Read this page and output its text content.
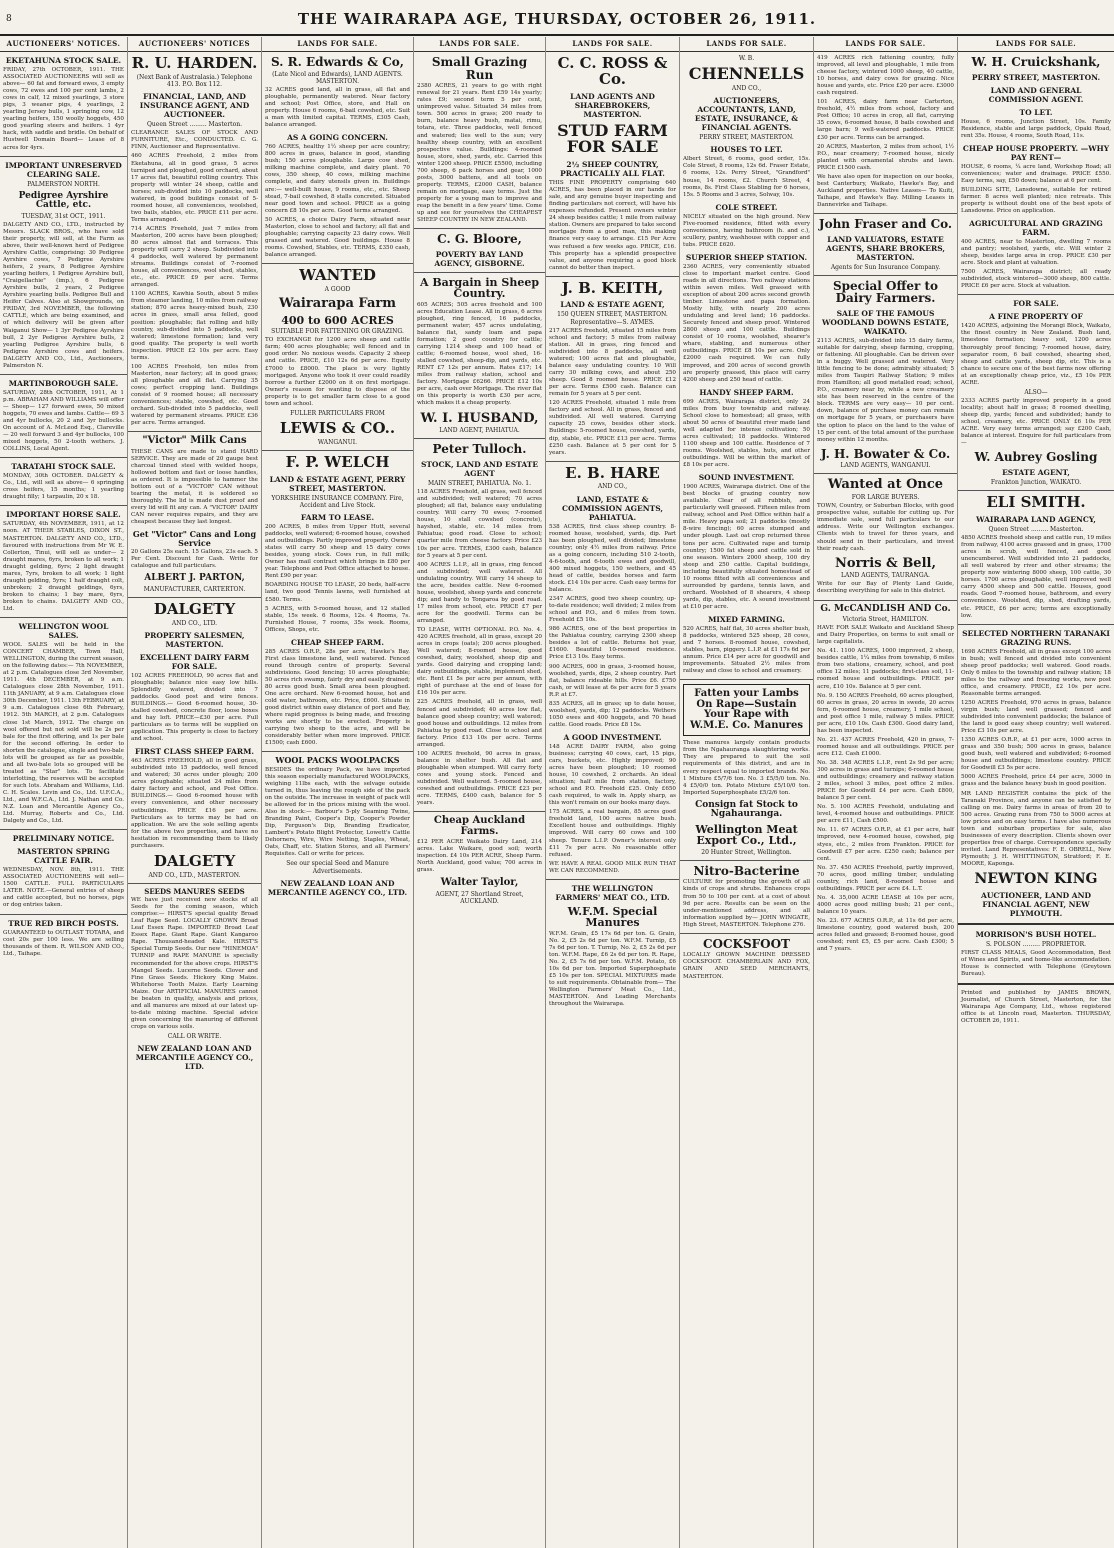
8	THE WAIRARAPA AGE, THURSDAY, OCTOBER 26, 1911.
AUCTIONEERS' NOTICES.
EKETAHUNA STOCK SALE.
FRIDAY, 27th OCTOBER, 1911. THE ASSOCIATED AUCTIONEERS will sell as above— 60 fat and forward ewes, 3 empty cows, 72 ewes and 100 per cent lambs, 2 cows in calf, 12 mixed yearlings, 3 store pigs, 3 weaner pigs, 4 yearlings, 2 yearling Jersey bulls, 1 springing cow, 12 yearling heifers, 150 woolly hoggets, 450 good yearling steers and heifers. 1 4yr hack, with saddle and bridle. On behalf of Hustwell Domain Board— Lease of 8 acres for 4yrs.
IMPORTANT UNRESERVED CLEARING SALE.
PALMERSTON NORTH.
Pedigree Ayrshire Cattle, etc.
TUESDAY, 31st OCT., 1911.
DALGETY AND CO., LTD., instructed by Messrs. SLACK BROS., who have sold their property, will sell, at the Farm as above, their well-known herd of Pedigree Ayrshire Cattle, comprising: 30 Pedigree Ayrshire cows, 7 Pedigree Ayrshire heifers, 2 years, 8 Pedigree Ayrshire yearling heifers, 1 Pedigree Ayrshire bull, "Craigellachie" (imp.), 6 Pedigree Ayrshire bulls, 2 years, 2 Pedigree Ayrshire yearling bulls. Pedigree Bull and Heifer Calves. Also at Showgrounds, on FRIDAY, 3rd NOVEMBER, the following CATTLE, which are being examined, and of which delivery will be given after Waiganui Show— 1 3yr Pedigree Ayrshire bull, 2 2yr Pedigree Ayrshire bulls, 2 yearling Pedigree Ayrshire bulls, 6 Pedigree Ayrshire cows and heifers. DALGETY AND CO., Ltd., Auctioneers, Palmerston N.
MARTINBOROUGH SALE.
SATURDAY, 28th OCTOBER, 1911, At 1 p.m. ABRAHAM AND WILLIAMS will offer— Sheep— 127 forward ewes, 50 mixed hoggets, 70 ewes and lambs. Cattle— 69 3 and 4yr bullocks, 20 2 and 3yr bullocks. On account of A. McLeod Esq., Clareville— 20 well forward 3 and 4yr bullocks, 100 mixed hoggets, 50 2-tooth wethers. J. COLLINS, Local Agent.
TARATAHI STOCK SALE.
MONDAY, 30th OCTOBER. DALGETY & Co., Ltd., will sell as above— 6 springing cross heifers, 15 months; 1 yearling draught filly; 1 tarpaulin, 20 x 18.
IMPORTANT HORSE SALE.
SATURDAY, 4th NOVEMBER, 1911, at 12 noon. AT THEIR STABLES, DIXON ST., MASTERTON. DALGETY AND CO., LTD., favoured with instructions from Mr W. E. Collerton, Tinui, will sell as under— 2 draught mares, 6yrs, broken to all work; 1 draught gelding, 6yrs; 2 light draught mares, 7yrs, broken to all work; 1 light draught gelding, 5yrs; 1 half draught colt, unbroken; 2 draught geldings, 6yrs, broken to chains; 1 bay mare, 6yrs, broken to chains. DALGETY AND CO., Ltd.
WELLINGTON WOOL SALES.
WOOL SALES will be held in the CONCERT CHAMBER, Town Hall, WELLINGTON, during the current season, on the following dates:— 7th NOVEMBER, at 2 p.m. Catalogues close 3rd November, 1911. 4th DECEMBER, at 9 a.m. Catalogues close 28th November, 1911. 11th JANUARY, at 9 a.m. Catalogues close 30th December, 1911. 13th FEBRUARY, at 9 a.m. Catalogues close 6th February, 1912. 5th MARCH, at 2 p.m. Catalogues close 1st March, 1912. The charge on wool offered but not sold will be 2s per bale for the first offering, and 1s per bale for the second offering. In order to shorten the catalogue, single and two-bale lots will be grouped as far as possible, and all two-bale lots so grouped will be treated as "Star" lots. To facilitate interlotting, the reserves will be accepted for such lots. Abraham and Williams, Ltd. C. H. Scales. Levin and Co., Ltd. U.F.C.A., Ltd., and W.F.C.A., Ltd. J. Nathan and Co. N.Z. Loan and Mercantile Agency Co., Ltd. Murray, Roberts and Co., Ltd. Dalgety and Co., Ltd.
PRELIMINARY NOTICE.
MASTERTON SPRING CATTLE FAIR.
WEDNESDAY, NOV. 8th, 1911. THE ASSOCIATED AUCTIONEERS will sell— 1500 CATTLE. FULL PARTICULARS LATER. NOTE.—General entries of sheep and cattle accepted, but no horses, pigs or dog entries taken.
TRUE RED BIRCH POSTS.
GUARANTEED to OUTLAST TOTARA, and cost 20s per 100 less. We are selling thousands of them. R. WILSON AND CO., Ltd., Taihape.
AUCTIONEERS' NOTICES
R. U. HARDEN.
(Next Bank of Australasia.) Telephone 413. P.O. Box 112.
FINANCIAL, LAND, AND INSURANCE AGENT, AND AUCTIONEER.
Queen Street ......... Masterton.
CLEARANCE SALES OF STOCK AND FURNITURE, Etc., CONDUCTED. C. G. FINN, Auctioneer and Representative.
460 ACRES Freehold, 2 miles from Eketahuna, all in good grass, 5 acres turniped and ploughed, good orchard, about 17 acres flat, beautiful rolling country. This property will winter 24 sheep, cattle and horses; sub-divided into 10 paddocks, well watered, in good buildings consist of 5-roomed house, all conveniences, woolshed, two bails, stables, etc. PRICE £11 per acre. Terms arranged.
714 ACRES Freehold, just 7 miles from Masterton, 200 acres have been ploughed; 80 acres almost flat and terraces. This property will carry 2 sheep. Subdivided into 4 paddocks, well watered by permanent streams. Buildings consist of 7-roomed house, all conveniences, wool shed, stables, etc., etc. PRICE £9 per acre. Terms arranged.
1100 ACRES, Kawhia South, about 5 miles from steamer landing, 10 miles from railway station; 870 acres heavy-mixed bush, 230 acres in grass, small area felled, good position: ploughable; flat rolling and hilly country, sub-divided into 5 paddocks, well watered; limestone formation; land very good quality. The property is well worth inspection. PRICE £2 10s per acre. Easy terms.
100 ACRES Freehold, ten miles from Masterton, near factory; all in good grass; all ploughable and all flat. Carrying 35 cows; perfect cropping land. Buildings consist of 9 roomed house; all necessary conveniences; stable, cowshed, etc. Good orchard. Sub-divided into 5 paddocks, well watered by permanent streams. PRICE £36 per acre. Terms arranged.
"Victor" Milk Cans
THESE CANS are made to stand HARD SERVICE. They are made of 20 gauge best charcoal tinned steel with welded hoops, hollowed bottom and fast or loose handles, as ordered. It is impossible to hammer the bottom out of a "VICTOR" CAN without tearing the metal, it is soldered so thoroughly. The lid is made dust proof and every lid will fit any can. A "VICTOR" DAIRY CAN never requires repairs, and they are cheapest because they last longest.
Get "Victor" Cans and Long Service
20 Gallons 25s each. 15 Gallons, 23s each. 5 Per Cent. Discount for Cash. Write for catalogue and full particulars.
ALBERT J. PARTON,
MANUFACTURER, CARTERTON.
DALGETY
AND CO., LTD.
PROPERTY SALESMEN, MASTERTON.
EXCELLENT DAIRY FARM FOR SALE.
102 ACRES FREEHOLD, 90 acres flat and ploughable; balance nice easy low hills. Splendidly watered, divided into 7 paddocks. Good post and wire fences. BUILDINGS.— Good 6-roomed house, 30-stalled cowshed, concrete floor, loose boxes and hay loft. PRICE—£30 per acre. Full particulars as to terms will be supplied on application. This property is close to factory and school.
FIRST CLASS SHEEP FARM.
463 ACRES FREEHOLD, all in good grass, subdivided into 15 paddocks, well fenced and watered; 30 acres under plough; 200 acres ploughable; situated 24 miles from dairy factory and school, and Post Office. BUILDINGS.— Good 6-roomed house with every convenience, and other necessary outbuildings. PRICE £16 per acre. Particulars as to terms may be had on application. We are the sole selling agents for the above two properties, and have no hesitation in recommending them to likely purchasers.
DALGETY
AND CO., LTD., MASTERTON.
SEEDS MANURES SEEDS
WE have just received new stocks of all Seeds for the coming season, which comprise:— HIRST'S special quality Broad Leaf Rape Seed. LOCALLY GROWN Broad Leaf Essex Rape. IMPORTED Broad Leaf Essex Rape. Giant Rape. Giant Kangaroo Rape. Thousand-headed Kale. HIRST'S Special Turnip Seeds. Our new "HINEMOA" TURNIP and RAPE MANURE is specially recommended for the above crops. HIRST'S Mangel Seeds. Lucerne Seeds. Clover and Fine Grass Seeds. Hickory King Maize. Whitehorse Tooth Maize. Early Learning Maize. Our ARTIFICIAL MANURES cannot be beaten in quality, analysis and prices, and all manures are mixed at our latest up-to-date mixing machine. Special advice given concerning the manuring of different crops on various soils.
CALL OR WRITE.
NEW ZEALAND LOAN AND MERCANTILE AGENCY CO., LTD.
LANDS FOR SALE.
S. R. Edwards & Co,
(Late Nicol and Edwards), LAND AGENTS. MASTERTON.
32 ACRES good land, all in grass, all flat and ploughable, permanently watered. Near factory and school; Post Office, store, and Hall on property. House 6 rooms, 6-bail cowshed, etc. Suit a man with limited capital. TERMS, £305 Cash, balance arranged.
AS A GOING CONCERN.
760 ACRES, healthy 1½ sheep per acre country; 800 acres in grass, balance in good, standing bush; 150 acres ploughable. Large cow shed, milking machine complete, and dairy plant. 70 cows, 350 sheep, 40 cows, milking machine complete, and dairy utensils given in. Buildings are:— well-built house, 9 rooms, etc., etc. Sheep stead, 7-bail cowshed, 8 stalls concreted. Situated near good town and school. PRICE as a going concern £8 10s per acre. Good terms arranged.
50 ACRES, a choice Dairy Farm, situated near Masterton, close to school and factory; all flat and ploughable; carrying capacity 23 dairy cows. Well grassed and watered. Good buildings. House 8 rooms. Cowshed, Stables, etc. TERMS, £350 cash, balance arranged.
WANTED
A GOOD
Wairarapa Farm
400 to 600 ACRES
SUITABLE FOR FATTENING OR GRAZING.
TO EXCHANGE for 1200 acre sheep and cattle farm; 400 acres ploughable; well fenced and in good order. No noxious weeds. Capacity 2 sheep and cattle. PRICE, £10 12s 6d per acre. Equity £7000 to £8000. The place is very lightly mortgaged. Anyone who took it over could readily borrow a further £2000 on it on first mortgage. Owner's reason for wanting to dispose of the property is to get smaller farm close to a good town and school.
FULLER PARTICULARS FROM
LEWIS & CO..
WANGANUI.
F. P. WELCH
LAND & ESTATE AGENT, PERRY STREET, MASTERTON.
YORKSHIRE INSURANCE COMPANY. Fire, Accident and Live Stock.
FARM TO LEASE.
200 ACRES, 8 miles from Upper Hutt, several paddocks, well watered; 6-roomed house, cowshed and outbuildings. Partly improved property. Owner states will carry 50 sheep and 15 dairy cows besides, young stock. Cows run, in full milk; Owner has mail contract which brings in £80 per year. Telephone and Post Office attached to house. Rent £90 per year.
BOARDING HOUSE TO LEASE, 20 beds, half-acre land, two good Tennis lawns, well furnished at £580. Terms.
5 ACRES, with 5-roomed house, and 12 stalled stable, 15s week. 6 Rooms, 12s. 4 Rooms, 7s. Furnished House, 7 rooms, 35s week. Rooms, Offices, Shops, etc.
CHEAP SHEEP FARM.
285 ACRES O.R.P., 28s per acre, Hawke's Bay. First class limestone land, well watered. Fenced round through centre of property. Several subdivisions. Good fencing; 10 acres ploughable; 50 acres rich swamp, fairly dry and easily drained; 80 acres good bush. Small area been ploughed. One acre orchard. New 6-roomed house, hot and cold water, bathroom, etc. Price, £600. Situate in good district within easy distance of port and Bay, where rapid progress is being made, and freezing works are shortly to be erected. Property is carrying two sheep to the acre, and will be considerably better when more improved. PRICE £1500; cash £600.
WOOL PACKS WOOLPACKS
BESIDES the ordinary Pack, we have imported this season especially manufactured WOOLPACKS, weighing 11lbs each, with the selvage outside turned in, thus leaving the rough side of the pack on the outside. The increase in weight of pack will be allowed for in the prices mixing with the wool. Also in stock:— Barbour's 5-ply Seaming Twine, Branding Paint, Cooper's Dip, Cooper's Powder Dip, Ferguson's Dip, Branding Eradicator, Lambert's Potato Blight Protector, Lowett's Cattle Dehorners, Wire, Wire Netting, Staples, Wheat, Oats, Chaff, etc. Station Stores, and all Farmers' Requisites. Call or write for prices.
See our special Seed and Manure Advertisements.
NEW ZEALAND LOAN AND MERCANTILE AGENCY CO., LTD.
LANDS FOR SALE.
Small Grazing Run
2380 ACRES, 21 years to go with right renewal for 21 years. Rent £59 14s yearly; rates £9; second term 5 per cent, unimproved value. Situated 34 miles from town. 500 acres in grass; 200 ready to burn, balance heavy bush, matai, rimu, totara, etc. Three paddocks, well fenced and watered; lies well to the sun; very healthy sheep country, with an excellent prospective value. Buildings: 4-roomed house, store, shed, yards, etc. Carried this winter 1200 sheep. PRICE £5500, including 700 sheep, 6 pack horses and gear, 1000 posts, 3000 battens, and all tools on property. TERMS, £2000 CASH, balance remain on mortgage, easy terms. Just the property for a young man to improve and reap the benefit in a few years' time. Come up and see for yourselves the CHEAPEST SHEEP COUNTRY IN NEW ZEALAND.
C. G. Bloore,
POVERTY BAY LAND AGENCY, GISBORNE.
A Bargain in Sheep Country.
605 ACRES; 505 acres freehold and 100 acres Education Lease. All in grass, 6 acres ploughed, ring fenced, 16 paddocks, permanent water; 457 acres undulating, balance flat, sandy loam and papa formation; 2 good country for cattle; carrying 1214 sheep and 100 head of cattle; 6-roomed house, wool shed, 16-stalled cowshed, sheep-dip, and yards, etc. RENT £7 12s per annum. Rates £17; 14 miles from railway station, school and factory. Mortgage £6266. PRICE £12 10s per acre, cash over Mortgage. The river flat on this property is worth £30 per acre, which makes it a cheap property.
W. I. HUSBAND,
LAND AGENT, PAHIATUA.
Peter Tulloch.
STOCK, LAND AND ESTATE AGENT
MAIN STREET, PAHIATUA. No. 1.
118 ACRES Freehold, all grass, well fenced and subdivided; well watered; 70 acres ploughed; all flat, balance easy undulating country. Will carry 70 ewes; 7-roomed house, 10 stall cowshed (concrete), hayshed, stable, etc. 14 miles from Pahiatua; good road. Close to school; quarter mile from cheese factory. Price £23 10s per acre. TERMS, £300 cash, balance for 5 years at 5 per cent.
400 ACRES L.I.P., all in grass, ring fenced and subdivided; well watered. All undulating country. Will carry 14 sheep to the acre, besides cattle. New 6-roomed house, woolshed, sheep yards and concrete dip; and handy to Tongaroa by good road. 17 miles from school, etc. PRICE £7 per acre for the goodwill. Terms can be arranged.
TO LEASE, WITH OPTIONAL P.O. No. 4. 420 ACRES freehold, all in grass, except 20 acres in crops (oats); 200 acres ploughed. Well watered; 8-roomed house, good cowshed, dairy, woolshed, sheep dip and yards. Good dairying and cropping land; dairy outbuildings, stable, implement shed, etc. Rent £1 5s per acre per annum, with right of purchase at the end of lease for £16 10s per acre.
225 ACRES freehold, all in grass, well fenced and subdivided; 40 acres low flat, balance good sheep country; well watered; good house and outbuildings. 12 miles from Pahiatua by good road. Close to school and factory. Price £13 10s per acre. Terms arranged.
100 ACRES freehold, 90 acres in grass, balance in shelter bush. All flat and ploughable when stumped. Will carry forty cows and young stock. Fenced and subdivided. Well watered. 5-roomed house, cowshed and outbuildings. PRICE £23 per acre. TERMS, £400 cash, balance for 5 years.
Cheap Auckland Farms.
£12 PER ACRE Waikato Dairy Land, 214 acres. Lake Waikare, good soil; worth inspection. £4 10s PER ACRE, Sheep Farm. North Auckland, good value; 700 acres in grass.
Walter Taylor,
AGENT, 27 Shortland Street, AUCKLAND.
LANDS FOR SALE.
C. C. ROSS & Co.
LAND AGENTS AND SHAREBROKERS, MASTERTON.
STUD FARM FOR SALE
2½ SHEEP COUNTRY, PRACTICALLY ALL FLAT.
THIS FINE PROPERTY comprising 640 ACRES, has been placed in our hands for sale, and any genuine buyer inspecting and finding particulars not correct, will have his expenses refunded. Present owners winter 24 sheep besides cattle; 1 mile from railway station. Owners are prepared to take second mortgage from a good man, this making finance very easy to arrange. £15 Per Acre was refused a few weeks ago. PRICE, £16. This property has a splendid prospective value, and anyone requiring a good block cannot do better than inspect.
J. B. KEITH,
LAND & ESTATE AGENT,
150 QUEEN STREET, MASTERTON. Representative—S. AYMES.
217 ACRES freehold, situated 15 miles from school and factory; 5 miles from railway station. All in grass, ring fenced and subdivided into 8 paddocks, all well watered; 100 acres flat and ploughable, balance easy undulating country. 10 Will carry 30 milking cows, and about 250 sheep. Good 8 roomed house. PRICE £12 per acre. Terms £500 cash. Balance can remain for 5 years at 5 per cent.
120 ACRES Freehold, situated 1 mile from factory and school. All in grass, fenced and subdivided. All well watered. Carrying capacity 25 cows, besides other stock. Buildings: 5-roomed house, cowshed, yards, dip, stable, etc. PRICE £13 per acre. Terms £250 cash. Balance at 5 per cent for 5 years.
E. B. HARE
AND CO.,
LAND, ESTATE & COMMISSION AGENTS, PAHIATUA.
538 ACRES, first class sheep country. 8-roomed house, woolshed, yards, dip. Part has been ploughed, well divided; limestone country; only 4½ miles from railway. Price as a going concern, including 510 2-tooth, 4-6-tooth, and 6-tooth ewes and goodwill, 400 mixed hoggets, 150 wethers, and 45 head of cattle, besides horses and farm stock. £14 10s per acre. Cash easy terms for balance.
2347 ACRES, good two sheep country, up-to-date residence; well divided; 2 miles from school and P.O., and 6 miles from town. Freehold £5 10s.
986 ACRES, one of the best properties in the Pahiatua country, carrying 2300 sheep besides a lot of cattle. Returns hot year, £1600. Beautiful 10-roomed residence. Price £13 10s. Easy terms.
900 ACRES, 600 in grass, 3-roomed house, woolshed, yards, dips, 2 sheep country. Part flat, balance rideable hills. Price £6. £750 cash, or will lease at 6s per acre for 5 years R.P. at £7.
835 ACRES, all in grass; up to date house, woolshed, yards, dip; 12 paddocks. Wethers 1050 ewes and 400 hoggets, and 70 head cattle. Good roads. Price £8 15s.
A GOOD INVESTMENT.
148 ACRE DAIRY FARM, also going business; carrying 40 cows, cart, 15 pigs, cars, buckets, etc. Highly improved; 90 acres have been ploughed; 10 roomed house, 10 cowshed, 2 orchards. An ideal situation; half mile from station, factory, school and P.O. Freehold £25. Only £650 cash required, to walk in. Apply sharp, as this won't remain on our books many days.
175 ACRES, a real bargain, 85 acres good freehold land, 100 acres native bush. Excellent house and outbuildings. Highly improved. Will carry 60 cows and 100 sheep. Tenure L.I.P. Owner's interest only £11 7s per acre. No reasonable offer refused.
WE HAVE A REAL GOOD MILK RUN THAT WE CAN RECOMMEND.
THE WELLINGTON FARMERS' MEAT CO., LTD.
W.F.M. Special Manures
W.F.M. Grain, £5 17s 6d per ton. G. Grain, No. 2, £5 2s 6d per ton. W.F.M. Turnip, £5 7s 6d per ton. T. Turnip, No. 2, £5 2s 6d per ton. W.F.M. Rape, £6 2s 6d per ton. R. Rape, No. 2, £5 7s 6d per ton. W.F.M. Potato, £6 10s 6d per ton. Imported Superphosphate £5 10s per ton. SPECIAL MIXTURES made to suit requirements. Obtainable from— The Wellington Farmers' Meat Co., Ltd., MASTERTON. And Leading Merchants throughout the Wairarapa.
LANDS FOR SALE.
W. B.
CHENNELLS
AND CO.,
AUCTIONEERS, ACCOUNTANTS, LAND, ESTATE, INSURANCE, & FINANCIAL AGENTS.
PERRY STREET, MASTERTON.
HOUSES TO LET.
Albert Street, 6 rooms, good order, 15s. Cole Street, 8 rooms, 12s 6d. Fraser Estate, 6 rooms, 12s. Perry Street, "Grandford" house, 14 rooms, £2. Church Street, 4 rooms, 8s. First Class Stabling for 6 horses, 15s. 5 Rooms and 3 acres, Solway, 10s.
COLE STREET.
NICELY situated on the high ground. New Five-roomed residence, fitted with every convenience, having bathroom (h. and c.), scullery, pantry, washhouse with copper and tubs. PRICE £620.
SUPERIOR SHEEP STATION.
2360 ACRES, very conveniently situated close to important market centre. Good roads in all directions. Two railway stations within seven miles. Well grassed with exception of about 200 acres second growth timber. Limestone and papa formation. Mostly hilly, with nearly 200 acres undulating and level land; 16 paddocks. Securely fenced and sheep proof. Wintered 2800 sheep and 100 cattle. Buildings consist of 10 rooms, woolshed, shearer's whare, stabling, and numerous other outbuildings. PRICE £8 10s per acre. Only £2000 cash required. We can fully improved, and 200 acres of second growth are properly grassed, this place will carry 4200 sheep and 250 head of cattle.
HANDY SHEEP FARM.
699 ACRES, Wairarapa district, only 24 miles from busy township and railway. School close to homestead; all grass, with about 50 acres of beautiful river made land well adapted for intense cultivation; 50 acres cultivated; 18 paddocks. Wintered 1100 sheep and 100 cattle. Residence of 7 rooms. Woolshed, stables, huts, and other outbuildings. Will be within the market of £8 10s per acre.
SOUND INVESTMENT.
1900 ACRES, Wairarapa district. One of the best blocks of grazing country now available. Clear of all rubbish, and particularly well grassed. Fifteen miles from railway, school and Post Office within half a mile. Heavy papa soil; 21 paddocks (mostly 8-wire fencing); 60 acres stumped and under plough. Last oat crop returned three tons per acre. Cultivated rape and turnip country; 1500 fat sheep and cattle sold in one season. Winters 2000 sheep, 100 dry steep and 250 cattle. Capital buildings, including beautifully situated homestead of 10 rooms fitted with all conveniences and surrounded by gardens, tennis lawn, and orchard. Woolshed of 8 shearers, 4 sheep yards, dip, stables, etc. A sound investment at £10 per acre.
MIXED FARMING.
520 ACRES, half flat, 30 acres shelter bush, 8 paddocks, wintered 525 sheep, 28 cows, and 7 horses. 8-roomed house, cowshed, stables, barn, piggery. L.I.P. at £1 17s 6d per annum. Price £14 per acre for goodwill and improvements. Situated 2½ miles from railway and close to school and creamery.
Fatten your Lambs On Rape—Sustain Your Rape with W.M.E. Co. Manures
These manures largely contain products from the Ngahauranga slaughtering works. They are prepared to suit the soil requirements of this district, and are in every respect equal to imported brands. No. 1 Mixture £5/7/6 ton. No. 3 £5/5/0 ton. No. 4 £5/0/0 ton. Potato Mixture £5/10/0 ton. Imported Superphosphate £5/2/6 ton.
Consign fat Stock to Ngahauranga.
Wellington Meat Export Co., Ltd.,
20 Hunter Street, Wellington.
Nitro-Bacterine
CULTURE for promoting the growth of all kinds of crops and shrubs. Enhances crops from 50 to 100 per cent. at a cost of about 9d per acre. Results can be seen on the under-mentioned address, and all information supplied by— JOHN WINGATE, High Street, MASTERTON. Telephone 276.
COCKSFOOT
LOCALLY GROWN MACHINE DRESSED COCKSFOOT. CHAMBERLAIN AND FOX, GRAIN AND SEED MERCHANTS, MASTERTON.
LANDS FOR SALE.
419 ACRES rich fattening country, fully improved, all level and ploughable, 1 mile from cheese factory, wintered 1000 sheep, 40 cattle, 10 horses, and dairy cows for grazing. Nice house and yards, etc. Price £20 per acre. £3000 cash required.
101 ACRES, dairy farm near Carterton, freehold, 4½ miles from school, factory and Post Office; 10 acres in crop, all flat, carrying 35 cows, 6-roomed house, 8 bails cowshed and large barn; 9 well-watered paddocks. PRICE £30 per acre. Terms can be arranged.
20 ACRES, Masterton, 2 miles from school, 1½ P.O., near creamery; 7-roomed house, nicely planted with ornamental shrubs and lawn. PRICE £1500 cash.
We have also open for inspection on our books, best Canterbury, Waikato, Hawke's Bay, and Auckland properties. Native Leases— To Kuiti, Taihape, and Hawke's Bay. Milling Leases in Dannevirke and Taihape.
John Fraser and Co.
LAND VALUATORS, ESTATE AGENTS, SHARE BROKERS, MASTERTON.
Agents for Sun Insurance Company.
Special Offer to Dairy Farmers.
SALE OF THE FAMOUS WOODLAND DOWNS ESTATE, WAIKATO.
2113 ACRES, sub-divided into 15 dairy farms, suitable for dairying, sheep farming, cropping, or fattening. All ploughable. Can be driven over in a buggy. Well grassed and watered. Very little fencing to be done; admirably situated; 5 miles from Taupiri Railway Station; 9 miles from Hamilton; all good metalled road; school, P.O., creamery near by, while a new creamery site has been reserved in the centre of the block. TERMS are very easy— 10 per cent. down, balance of purchase money can remain on mortgage for 5 years, or purchasers have the option to place on the land to the value of 15 per cent. of the total amount of the purchase money within 12 months.
J. H. Bowater & Co.
LAND AGENTS, WANGANUI.
Wanted at Once
FOR LARGE BUYERS.
TOWN, Country, or Suburban Blocks, with good prospective value, suitable for cutting up. For immediate sale, send full particulars to our address. Write our Wellington exchanges. Clients wish to travel for three years, and should send in their particulars, and invest their ready cash.
Norris & Bell,
LAND AGENTS, TAURANGA.
Write for our Bay of Plenty Land Guide, describing everything for sale in this district.
G. McCANDLISH AND Co.
Victoria Street, HAMILTON.
HAVE FOR SALE Waikato and Auckland Sheep and Dairy Properties, on terms to suit small or large capitalists.
No. 41. 1100 ACRES, 1000 improved, 2 sheep, besides cattle, 1¼ miles from township, 6 miles from two stations, creamery, school, and post office 12 miles; 11 paddocks; first-class soil, 11-roomed house and outbuildings. PRICE per acre, £10 10s. Balance at 5 per cent.
No. 9. 150 ACRES Freehold, 60 acres ploughed, 60 acres in grass, 20 acres in swede, 20 acres fern, 6-roomed house, creamery, 1 mile school, and post office 1 mile, railway 5 miles. PRICE per acre, £10 10s. Cash £300. Good dairy land, has been inspected.
No. 21. 437 ACRES Freehold, 420 in grass, 7-roomed house and all outbuildings. PRICE per acre £12. Cash £1000.
No. 38. 348 ACRES L.I.P., rent 2s 9d per acre; 300 acres in grass and turnips; 6-roomed house and outbuildings; creamery and railway station 2 miles, school 3 miles, post office 2 miles. PRICE for Goodwill £4 per acre. Cash £800, balance 5 per cent.
No. 5. 100 ACRES Freehold, undulating and level, 4-roomed house and outbuildings. PRICE per acre £11, Cash £500.
No. 11. 67 ACRES O.R.P., at £1 per acre, half improved, new 4-roomed house, cowshed, pig styes, etc., 2 miles from Frankton. PRICE for Goodwill £7 per acre. £250 cash; balance per cent.
No. 37. 450 ACRES Freehold, partly improved, 70 acres, good milling timber, undulating country, rich land, 8-roomed house and outbuildings. PRICE per acre £4. L.T.
No. 4. 35,000 ACRE LEASE at 10s per acre, 4000 acres good milling bush; 21 per cent., balance 10 years.
No. 23. 677 ACRES O.R.P., at 11s 6d per acre, limestone country, good watered bush, 200 acres felled and grassed; 8-roomed house, good cowshed; rent £5, £5 per acre. Cash £300; 5 and 7 years.
LANDS FOR SALE.
W. H. Cruickshank,
PERRY STREET, MASTERTON.
LAND AND GENERAL COMMISSION AGENT.
TO LET.
House, 6 rooms, Junction Street, 10s. Family Residence, stable and large paddock, Opaki Road, rent 35s. House, 4 rooms, South Road, 11s.
CHEAP HOUSE PROPERTY. —WHY PAY RENT—
HOUSE, 6 rooms, ¼ acre land, Workshop Road; all conveniences; water and drainage. PRICE £550. Easy terms, say, £50 down; balance at 6 per cent.
BUILDING SITE, Lansdowne, suitable for retired farmer. 8 acres well planted; nice retreats. This property is without doubt one of the best spots of Lansdowne. Price on application.
AGRICULTURAL AND GRAZING FARM.
400 ACRES, near to Masterton, dwelling 7 rooms and pantry; woolshed, yards, etc. Will winter 2 sheep, besides large area in crop. PRICE £30 per acre. Stock and plant at valuation.
7500 ACRES, Wairarapa district; all ready subdivided, stock wintered—3000 sheep, 800 cattle. PRICE £6 per acre. Stock at valuation.
FOR SALE.
A FINE PROPERTY OF
1420 ACRES, adjoining the Morangi Block, Waikato, the finest country in New Zealand. Bush land, limestone formation; heavy soil, 1200 acres thoroughly proof fencing; 7-roomed house, dairy, separator room, 6 bail cowshed, shearing shed, sheep and cattle yards, sheep dip, etc. This is a chance to secure one of the best farms now offering at an exceptionally cheap price, viz., £5 10s PER ACRE.
ALSO—
2333 ACRES partly improved property in a good locality; about half in grass; 8 roomed dwelling, sheep dip, yards; fenced and subdivided; handy to school, creamery, etc. PRICE ONLY £6 10s PER ACRE. Very easy terms arranged; say £200 Cash, balance at interest. Enquire for full particulars from—
W. Aubrey Gosling
ESTATE AGENT,
Frankton Junction, WAIKATO.
ELI SMITH.
WAIRARAPA LAND AGENCY,
Queen Street ......... Masterton.
4850 ACRES freehold sheep and cattle run, 19 miles from railway, 4100 acres grassed and in grass, 1700 acres in scrub, well fenced, and good unencumbered. Well subdivided into 21 paddocks, all well watered by river and other streams; the property now wintering 8000 sheep, 100 cattle, 30 horses. 1700 acres ploughable, well improved well carry 4500 sheep and 500 cattle. Houses, good roads. Good 7-roomed house, bathroom, and every convenience. Woolshed, dip, shed, drafting yards, etc. PRICE, £6 per acre; terms are exceptionally low.
SELECTED NORTHERN TARANAKI GRAZING RUNS.
1698 ACRES Freehold, all in grass except 100 acres in bush; well fenced and divided into convenient sheep proof paddocks; well watered. Good roads. Only 6 miles to the township and railway station; 18 miles to the railway and freezing works, new post office, and creamery. PRICE, £2 10s per acre. Reasonable terms arranged.
1250 ACRES Freehold, 970 acres in grass, balance virgin bush; land well grassed; fenced and subdivided into convenient paddocks; the balance of the land is good easy sheep country; well watered. Price £3 10s per acre.
1350 ACRES O.R.P., at £1 per acre, 1000 acres in grass and 350 bush; 500 acres in grass, balance good bush, well watered and subdivided; 6-roomed house and outbuildings; limestone country. PRICE for Goodwill £3 5s per acre.
5000 ACRES Freehold, price £4 per acre, 3000 in grass and the balance heavy bush in good position.
MR LAND REGISTER contains the pick of the Taranaki Province, and anyone can be satisfied by calling on me. Dairy farms in areas of from 20 to 500 acres. Grazing runs from 750 to 5000 acres at low prices and on easy terms. I have also numerous town and suburban properties for sale, also businesses of every description. Clients shown over properties free of charge. Correspondence specially invited. Land Representatives: F. E. OBRELL, New Plymouth; J. H. WHITTINGTON, Stratford; F. E. MOORE, Kaponga.
NEWTON KING
AUCTIONEER, LAND AND FINANCIAL AGENT, NEW PLYMOUTH.
MORRISON'S BUSH HOTEL.
S. POLSON ......... PROPRIETOR.
FIRST CLASS MEALS, Good Accommodation, Best of Wines and Spirits, and home-like accommodation. House is connected with Telephone (Greytown Bureau).
Printed and published by JAMES BROWN, Journalist, of Church Street, Masterton, for the Wairarapa Age Company, Ltd., whose registered office is at Lincoln road, Masterton. THURSDAY, OCTOBER 26, 1911.
